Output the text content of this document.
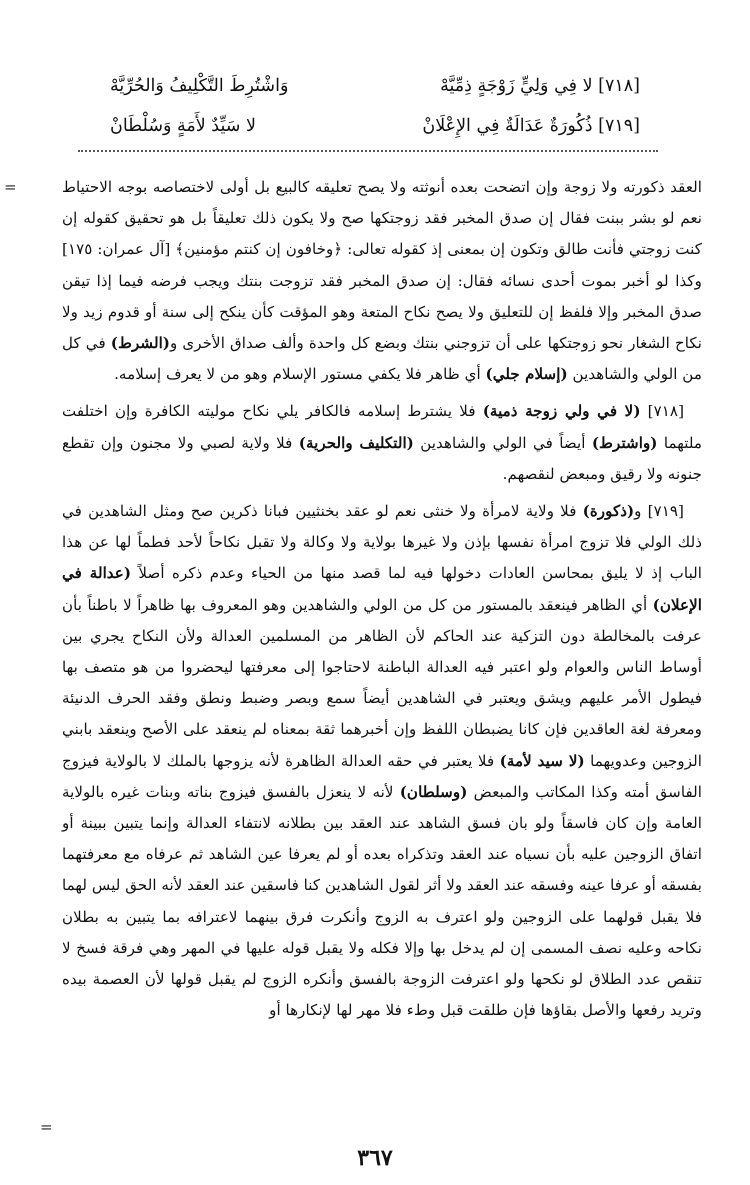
[٧١٨] لا فِي وَلِيٍّ زَوْجَةٍ ذِمِّيَّهْ
وَاشْتُرِطَ التَّكْلِيفُ وَالحُرِّيَّهْ
[٧١٩] ذُكُورَةٌ عَدَالَةٌ فِي الإِعْلَانْ
لا سَيِّدٌ لأَمَةٍ وَسُلْطَانْ
=	العقد ذكورته ولا زوجة وإن اتضحت بعده أنوثته ولا يصح تعليقه كالبيع بل أولى لاختصاصه بوجه الاحتياط نعم لو بشر ببنت فقال إن صدق المخبر فقد زوجتكها صح ولا يكون ذلك تعليقاً بل هو تحقيق كقوله إن كنت زوجتي فأنت طالق وتكون إن بمعنى إذ كقوله تعالى: ﴿وخافون إن كنتم مؤمنين﴾ [آل عمران: ١٧٥] وكذا لو أخبر بموت أحدى نسائه فقال: إن صدق المخبر فقد تزوجت بنتك ويجب فرضه فيما إذا تيقن صدق المخبر وإلا فلفظ إن للتعليق ولا يصح نكاح المتعة وهو المؤقت كأن ينكح إلى سنة أو قدوم زيد ولا نكاح الشغار نحو زوجتكها على أن تزوجني بنتك وبضع كل واحدة وألف صداق الأخرى و(الشرط) في كل من الولي والشاهدين (إسلام جلي) أي ظاهر فلا يكفي مستور الإسلام وهو من لا يعرف إسلامه.

[٧١٨] (لا في ولي زوجة ذمية) فلا يشترط إسلامه فالكافر يلي نكاح موليته الكافرة وإن اختلفت ملتهما (واشترط) أيضاً في الولي والشاهدين (التكليف والحرية) فلا ولاية لصبي ولا مجنون وإن تقطع جنونه ولا رقيق ومبعض لنقصهم.

[٧١٩] و(ذكورة) فلا ولاية لامرأة ولا خنثى نعم لو عقد بخنثيين فبانا ذكرين صح ومثل الشاهدين في ذلك الولي فلا تزوج امرأة نفسها بإذن ولا غيرها بولاية ولا وكالة ولا تقبل نكاحاً لأحد فطماً لها عن هذا الباب إذ لا يليق بمحاسن العادات دخولها فيه لما قصد منها من الحياء وعدم ذكره أصلاً (عدالة في الإعلان) أي الظاهر فينعقد بالمستور من كل من الولي والشاهدين وهو المعروف بها ظاهراً لا باطناً بأن عرفت بالمخالطة دون التزكية عند الحاكم لأن الظاهر من المسلمين العدالة ولأن النكاح يجري بين أوساط الناس والعوام ولو اعتبر فيه العدالة الباطنة لاحتاجوا إلى معرفتها ليحضروا من هو متصف بها فيطول الأمر عليهم ويشق ويعتبر في الشاهدين أيضاً سمع وبصر وضبط ونطق وفقد الحرف الدنيئة ومعرفة لغة العاقدين فإن كانا يضبطان اللفظ وإن أخبرهما ثقة بمعناه لم ينعقد على الأصح وينعقد بابني الزوجين وعدويهما (لا سيد لأمة) فلا يعتبر في حقه العدالة الظاهرة لأنه يزوجها بالملك لا بالولاية فيزوج الفاسق أمته وكذا المكاتب والمبعض (وسلطان) لأنه لا ينعزل بالفسق فيزوج بناته وبنات غيره بالولاية العامة وإن كان فاسقاً ولو بان فسق الشاهد عند العقد بين بطلانه لانتفاء العدالة وإنما يتبين ببينة أو اتفاق الزوجين عليه بأن نسياه عند العقد وتذكراه بعده أو لم يعرفا عين الشاهد ثم عرفاه مع معرفتهما بفسقه أو عرفا عينه وفسقه عند العقد ولا أثر لقول الشاهدين كنا فاسقين عند العقد لأنه الحق ليس لهما فلا يقبل قولهما على الزوجين ولو اعترف به الزوج وأنكرت فرق بينهما لاعترافه بما يتبين به بطلان نكاحه وعليه نصف المسمى إن لم يدخل بها وإلا فكله ولا يقبل قوله عليها في المهر وهي فرقة فسخ لا تنقص عدد الطلاق لو نكحها ولو اعترفت الزوجة بالفسق وأنكره الزوج لم يقبل قولها لأن العصمة بيده وتريد رفعها والأصل بقاؤها فإن طلقت قبل وطء فلا مهر لها لإنكارها أو

=
٣٦٧
